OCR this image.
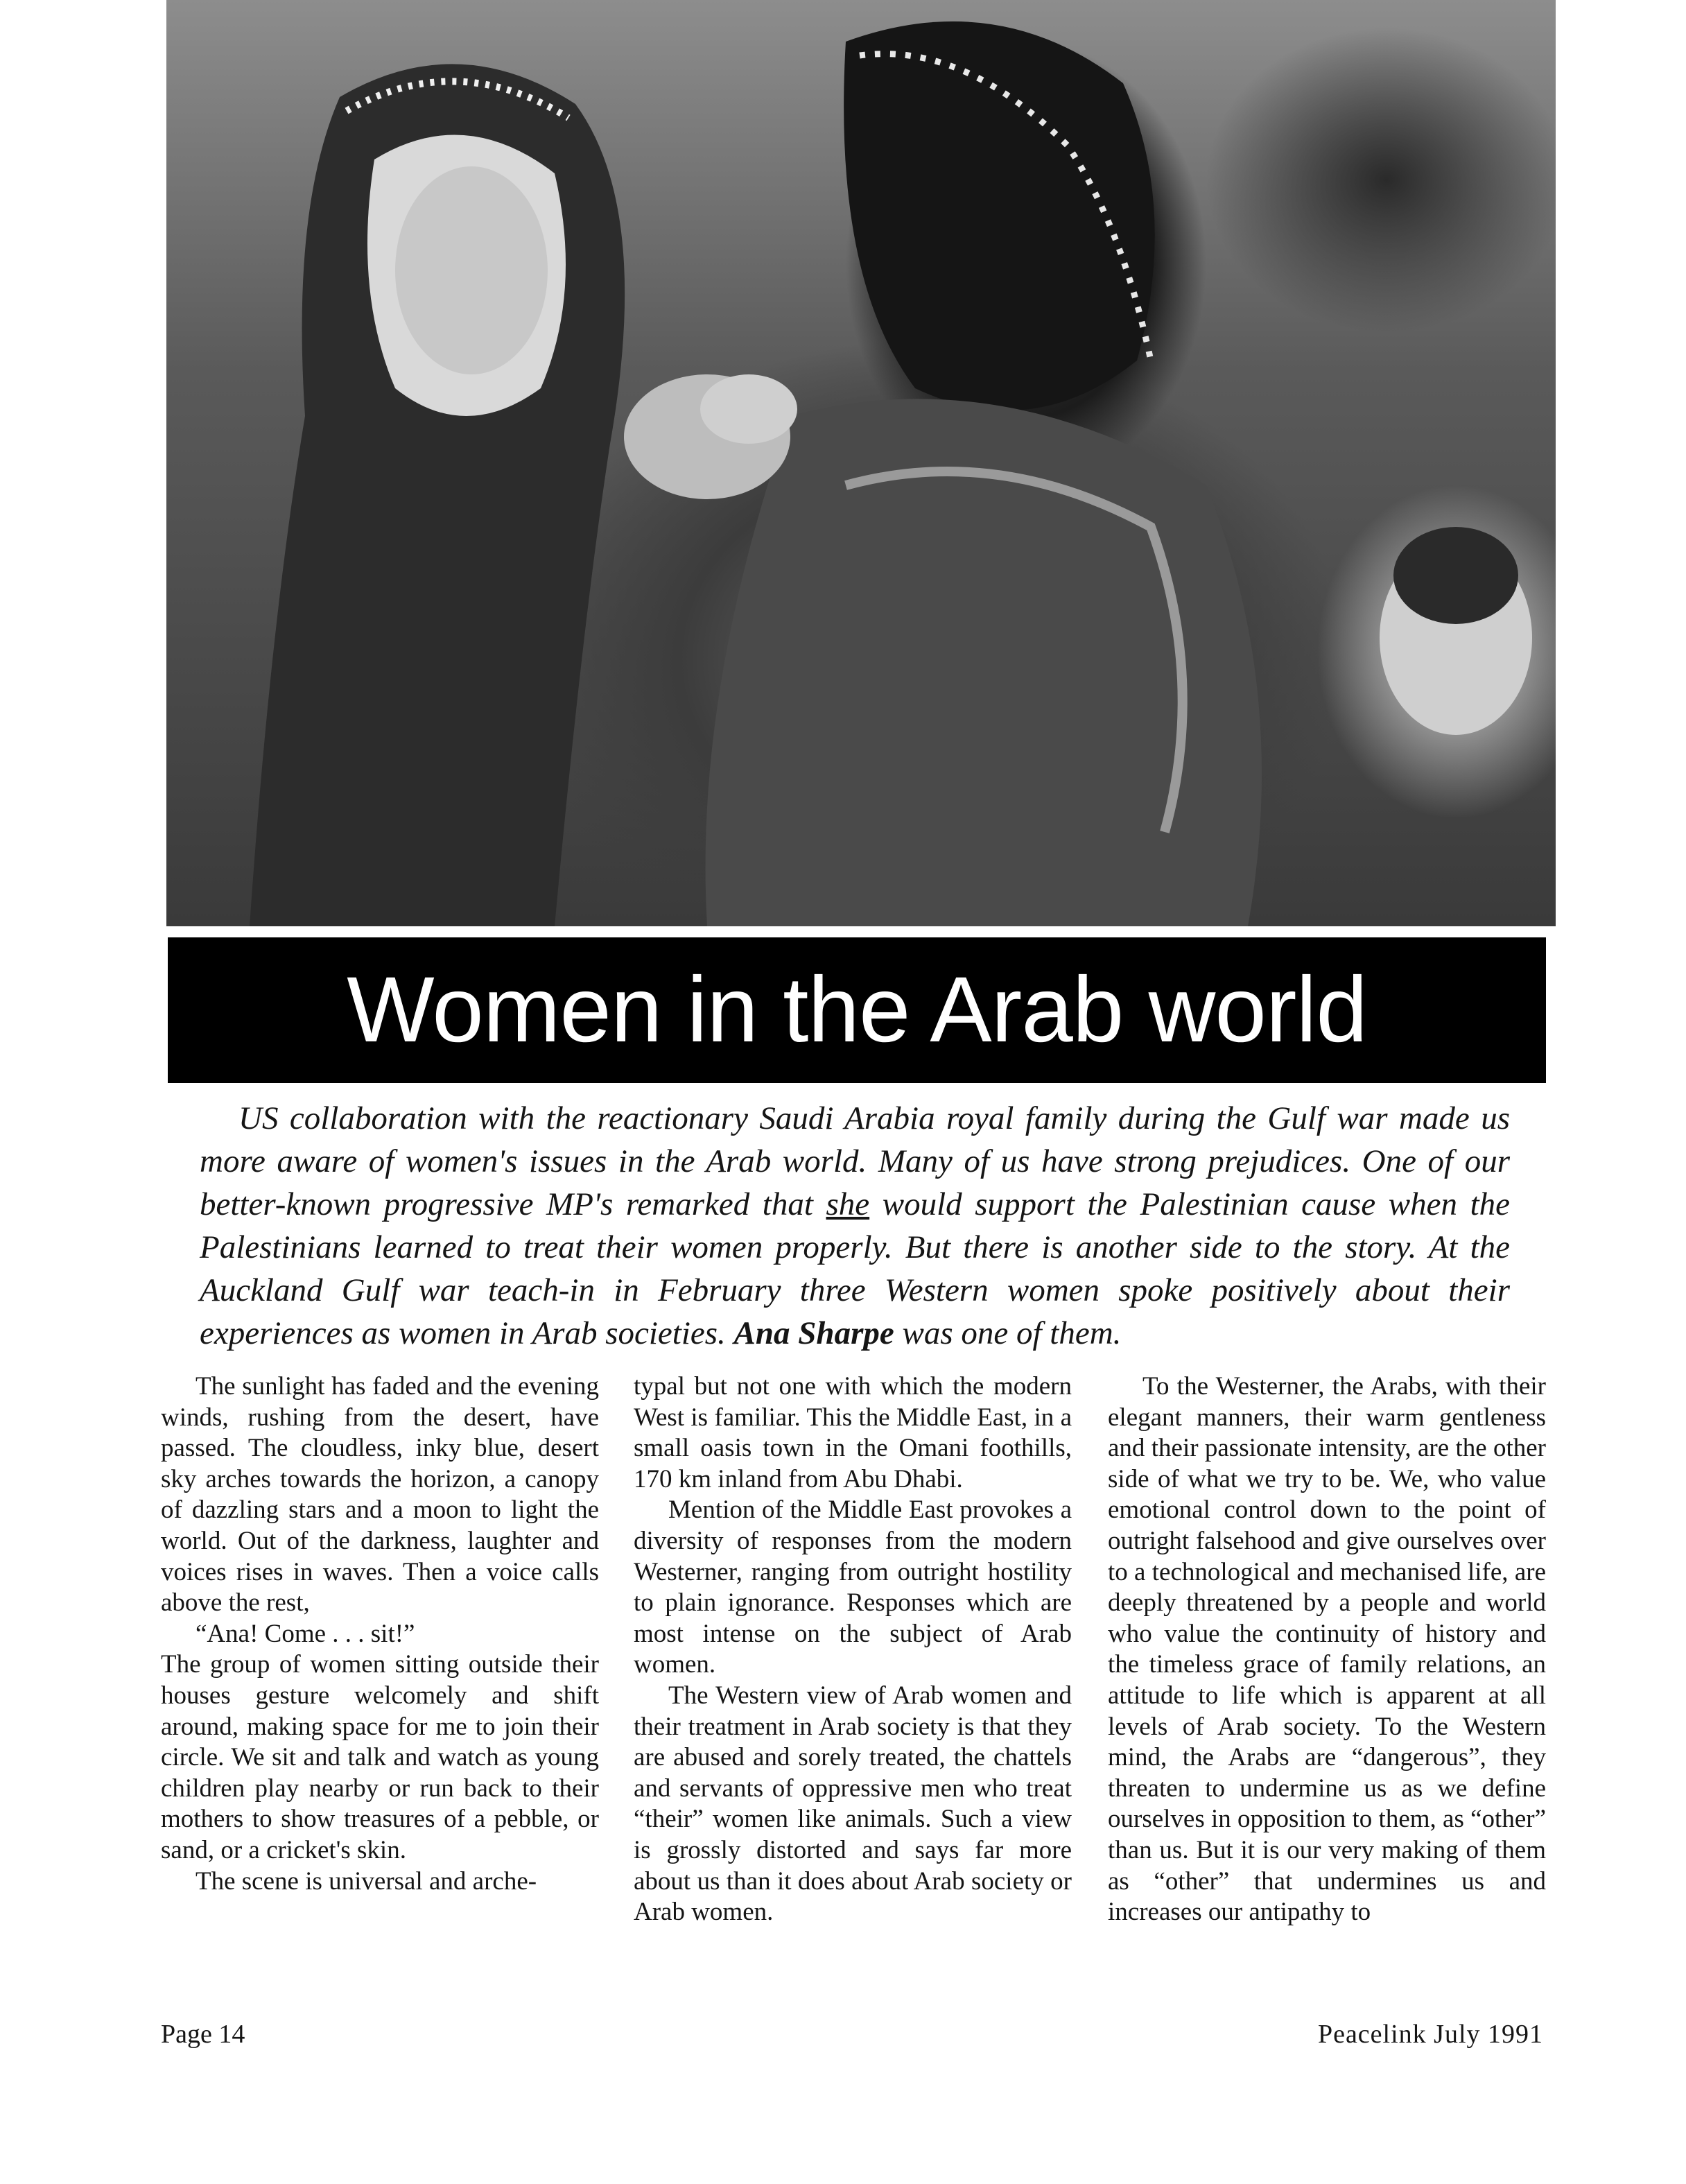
Women in the Arab world

US collaboration with the reactionary Saudi Arabia royal family during the Gulf war made us more aware of women's issues in the Arab world. Many of us have strong prejudices. One of our better-known progressive MP's remarked that she would support the Palestinian cause when the Palestinians learned to treat their women properly. But there is another side to the story. At the Auckland Gulf war teach-in in February three Western women spoke positively about their experiences as women in Arab societies. Ana Sharpe was one of them.

The sunlight has faded and the evening winds, rushing from the desert, have passed. The cloudless, inky blue, desert sky arches towards the horizon, a canopy of dazzling stars and a moon to light the world. Out of the darkness, laughter and voices rises in waves. Then a voice calls above the rest,

“Ana! Come . . . sit!”

The group of women sitting outside their houses gesture welcomely and shift around, making space for me to join their circle. We sit and talk and watch as young children play nearby or run back to their mothers to show treasures of a pebble, or sand, or a cricket's skin.

The scene is universal and arche-

typal but not one with which the modern West is familiar. This the Middle East, in a small oasis town in the Omani foothills, 170 km inland from Abu Dhabi.

Mention of the Middle East provokes a diversity of responses from the modern Westerner, ranging from outright hostility to plain ignorance. Responses which are most intense on the subject of Arab women.

The Western view of Arab women and their treatment in Arab society is that they are abused and sorely treated, the chattels and servants of oppressive men who treat “their” women like animals. Such a view is grossly distorted and says far more about us than it does about Arab society or Arab women.

To the Westerner, the Arabs, with their elegant manners, their warm gentleness and their passionate intensity, are the other side of what we try to be. We, who value emotional control down to the point of outright falsehood and give ourselves over to a technological and mechanised life, are deeply threatened by a people and world who value the continuity of history and the timeless grace of family relations, an attitude to life which is apparent at all levels of Arab society. To the Western mind, the Arabs are “dangerous”, they threaten to undermine us as we define ourselves in opposition to them, as “other” than us. But it is our very making of them as “other” that undermines us and increases our antipathy to

Page 14	Peacelink July 1991
